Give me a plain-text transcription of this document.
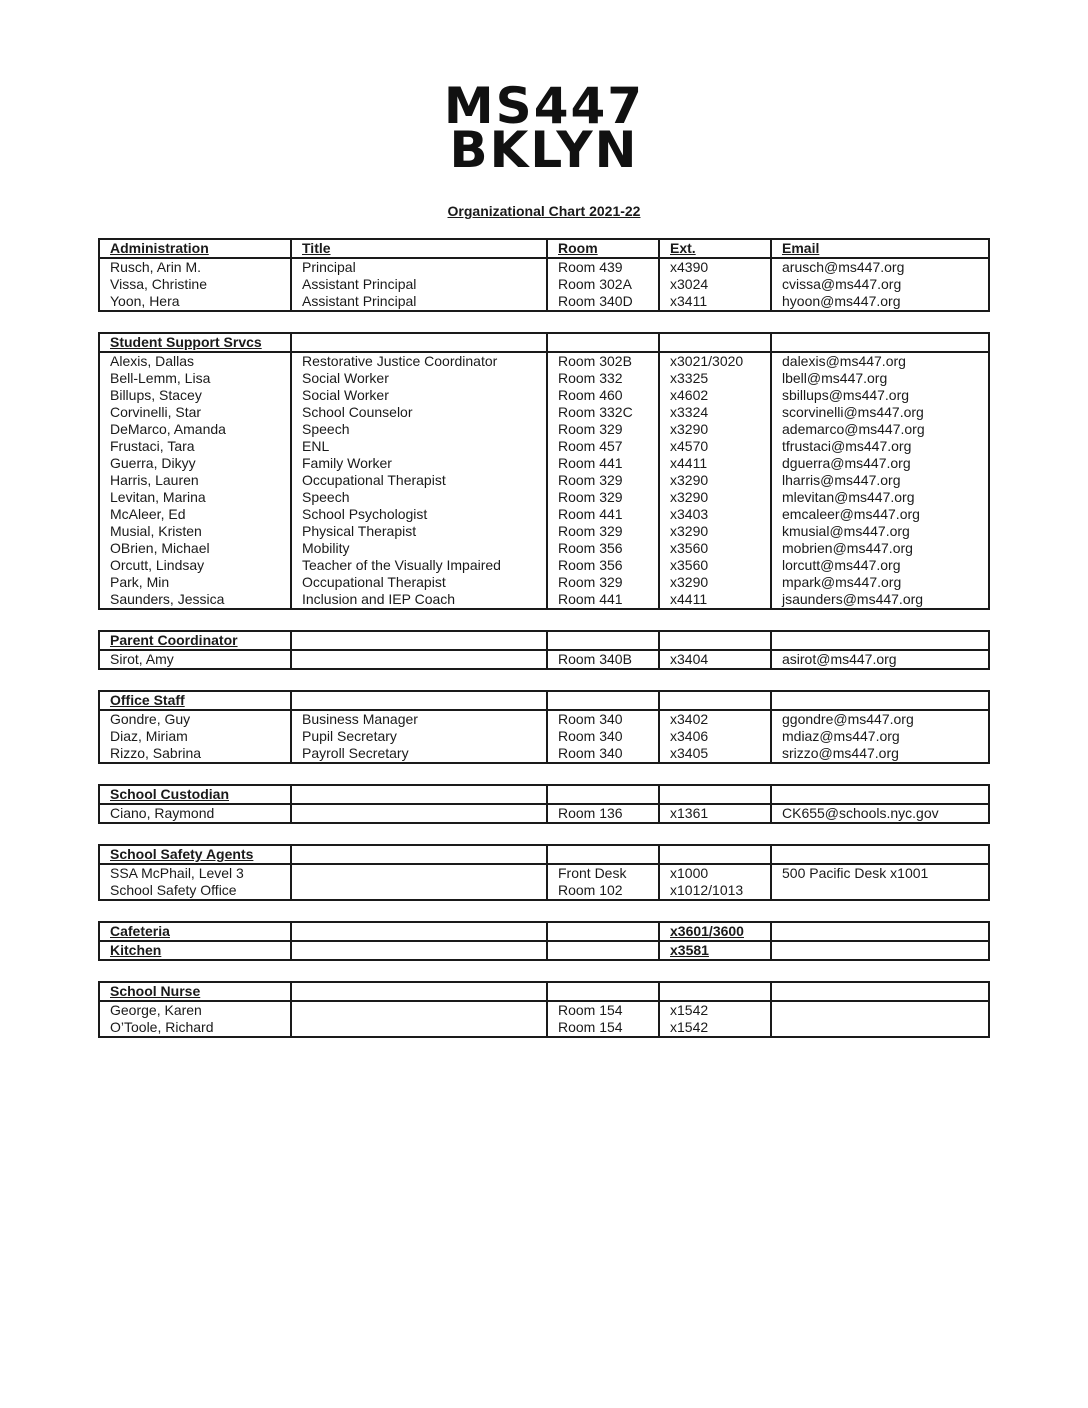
MS447
BKLYN
Organizational Chart 2021-22
Administration	Title	Room	Ext.	Email
Rusch, Arin M.	Principal	Room 439	x4390	arusch@ms447.org
Vissa, Christine	Assistant Principal	Room 302A	x3024	cvissa@ms447.org
Yoon, Hera	Assistant Principal	Room 340D	x3411	hyoon@ms447.org
Student Support Srvcs				
Alexis, Dallas	Restorative Justice Coordinator	Room 302B	x3021/3020	dalexis@ms447.org
Bell-Lemm, Lisa	Social Worker	Room 332	x3325	lbell@ms447.org
Billups, Stacey	Social Worker	Room 460	x4602	sbillups@ms447.org
Corvinelli, Star	School Counselor	Room 332C	x3324	scorvinelli@ms447.org
DeMarco, Amanda	Speech	Room 329	x3290	ademarco@ms447.org
Frustaci, Tara	ENL	Room 457	x4570	tfrustaci@ms447.org
Guerra, Dikyy	Family Worker	Room 441	x4411	dguerra@ms447.org
Harris, Lauren	Occupational Therapist	Room 329	x3290	lharris@ms447.org
Levitan, Marina	Speech	Room 329	x3290	mlevitan@ms447.org
McAleer, Ed	School Psychologist	Room 441	x3403	emcaleer@ms447.org
Musial, Kristen	Physical Therapist	Room 329	x3290	kmusial@ms447.org
OBrien, Michael	Mobility	Room 356	x3560	mobrien@ms447.org
Orcutt, Lindsay	Teacher of the Visually Impaired	Room 356	x3560	lorcutt@ms447.org
Park, Min	Occupational Therapist	Room 329	x3290	mpark@ms447.org
Saunders, Jessica	Inclusion and IEP Coach	Room 441	x4411	jsaunders@ms447.org
Parent Coordinator				
Sirot, Amy		Room 340B	x3404	asirot@ms447.org
Office Staff				
Gondre, Guy	Business Manager	Room 340	x3402	ggondre@ms447.org
Diaz, Miriam	Pupil Secretary	Room 340	x3406	mdiaz@ms447.org
Rizzo, Sabrina	Payroll Secretary	Room 340	x3405	srizzo@ms447.org
School Custodian				
Ciano, Raymond		Room 136	x1361	CK655@schools.nyc.gov
School Safety Agents				
SSA McPhail, Level 3		Front Desk	x1000	500 Pacific Desk x1001
School Safety Office		Room 102	x1012/1013	
Cafeteria			x3601/3600	
Kitchen			x3581	
School Nurse				
George, Karen		Room 154	x1542	
O’Toole, Richard		Room 154	x1542	
